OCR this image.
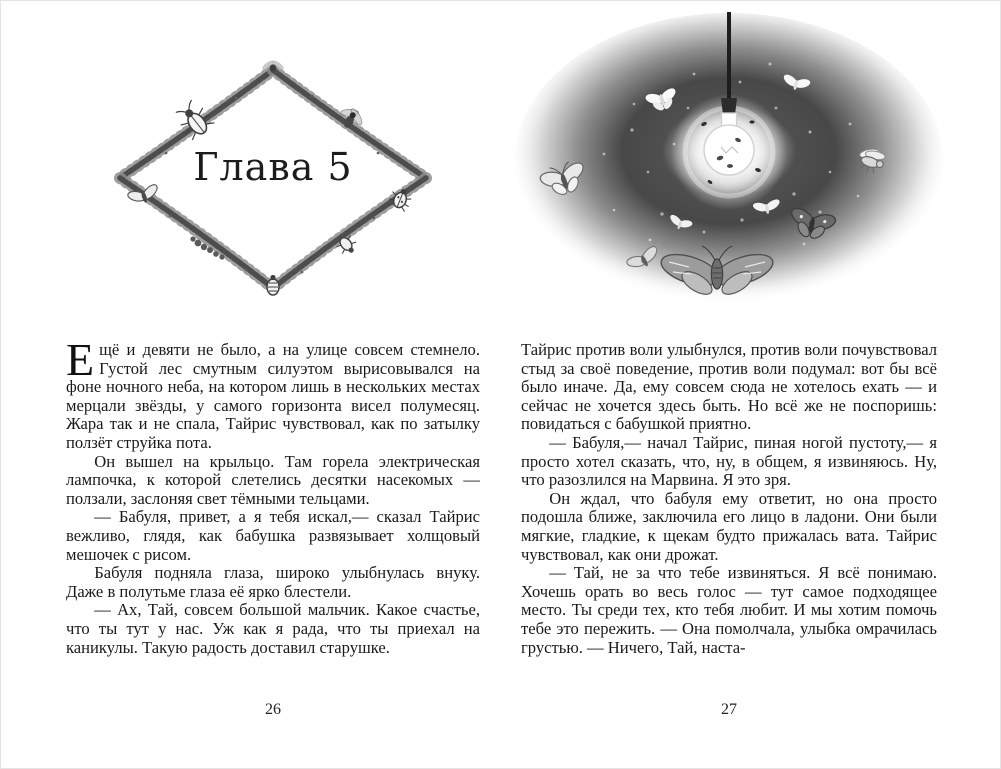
Глава 5

Ещё и девяти не было, а на улице совсем стемнело. Густой лес смутным силуэтом вырисовывался на фоне ночного неба, на котором лишь в нескольких местах мерцали звёзды, у самого горизонта висел полумесяц. Жара так и не спала, Тайрис чувствовал, как по затылку ползёт струйка пота.

Он вышел на крыльцо. Там горела электрическая лампочка, к которой слетелись десятки насекомых — ползали, заслоняя свет тёмными тельцами.

— Бабуля, привет, а я тебя искал,— сказал Тайрис вежливо, глядя, как бабушка развязывает холщовый мешочек с рисом.

Бабуля подняла глаза, широко улыбнулась внуку. Даже в полутьме глаза её ярко блестели.

— Ах, Тай, совсем большой мальчик. Какое счастье, что ты тут у нас. Уж как я рада, что ты приехал на каникулы. Такую радость доставил старушке.

26

Тайрис против воли улыбнулся, против воли почувствовал стыд за своё поведение, против воли подумал: вот бы всё было иначе. Да, ему совсем сюда не хотелось ехать — и сейчас не хочется здесь быть. Но всё же не поспоришь: повидаться с бабушкой приятно.

— Бабуля,— начал Тайрис, пиная ногой пустоту,— я просто хотел сказать, что, ну, в общем, я извиняюсь. Ну, что разозлился на Марвина. Я это зря.

Он ждал, что бабуля ему ответит, но она просто подошла ближе, заключила его лицо в ладони. Они были мягкие, гладкие, к щекам будто прижалась вата. Тайрис чувствовал, как они дрожат.

— Тай, не за что тебе извиняться. Я всё понимаю. Хочешь орать во весь голос — тут самое подходящее место. Ты среди тех, кто тебя любит. И мы хотим помочь тебе это пережить. — Она помолчала, улыбка омрачилась грустью. — Ничего, Тай, наста-

27
